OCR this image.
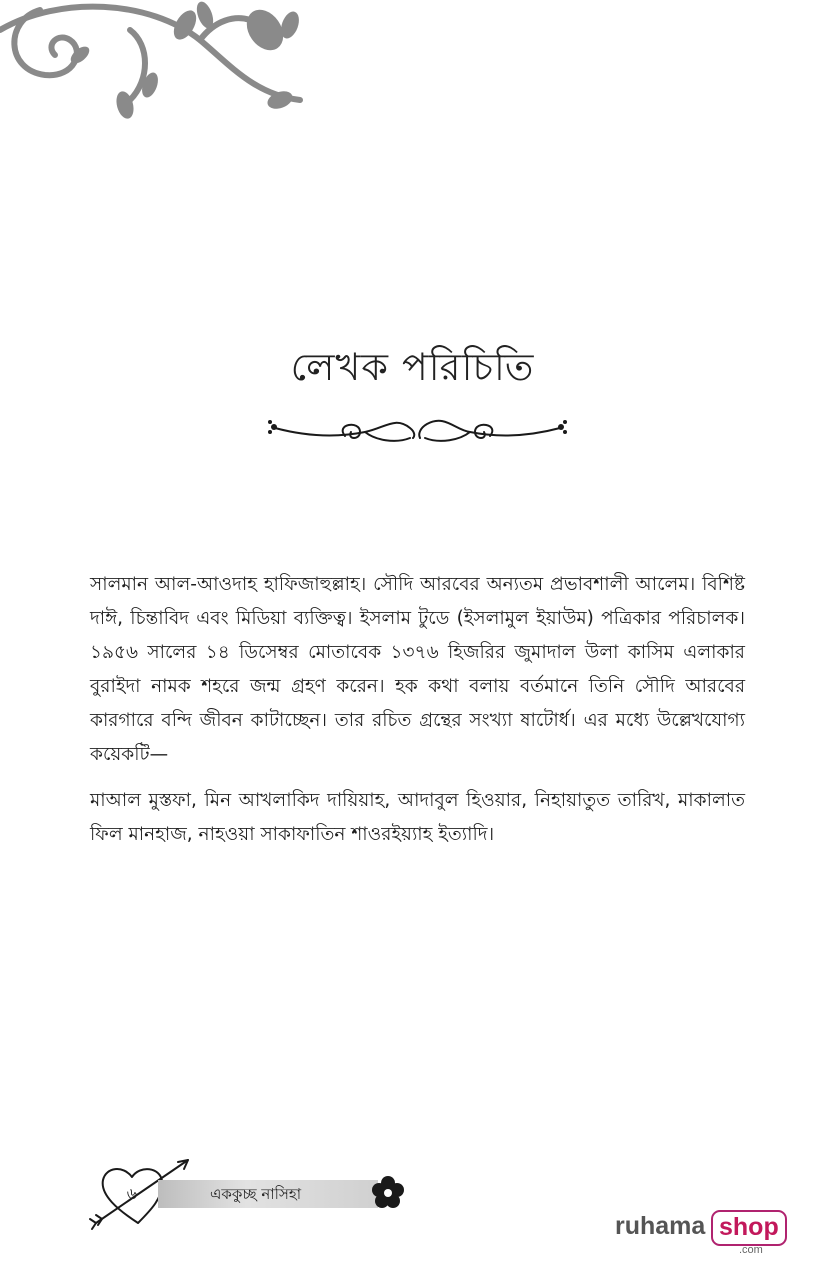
লেখক পরিচিতি

সালমান আল-আওদাহ হাফিজাহুল্লাহ। সৌদি আরবের অন্যতম প্রভাবশালী আলেম। বিশিষ্ট দাঈ, চিন্তাবিদ এবং মিডিয়া ব্যক্তিত্ব। ইসলাম টুডে (ইসলামুল ইয়াউম) পত্রিকার পরিচালক। ১৯৫৬ সালের ১৪ ডিসেম্বর মোতাবেক ১৩৭৬ হিজরির জুমাদাল উলা কাসিম এলাকার বুরাইদা নামক শহরে জন্ম গ্রহণ করেন। হক কথা বলায় বর্তমানে তিনি সৌদি আরবের কারগারে বন্দি জীবন কাটাচ্ছেন। তার রচিত গ্রন্থের সংখ্যা ষাটোর্ধ। এর মধ্যে উল্লেখযোগ্য কয়েকটি—

মাআল মুস্তফা, মিন আখলাকিদ দায়িয়াহ, আদাবুল হিওয়ার, নিহায়াতুত তারিখ, মাকালাত ফিল মানহাজ, নাহওয়া সাকাফাতিন শাওরইয়্যাহ ইত্যাদি।

৬	এককুচ্ছ নাসিহা
ruhama shop
.com
